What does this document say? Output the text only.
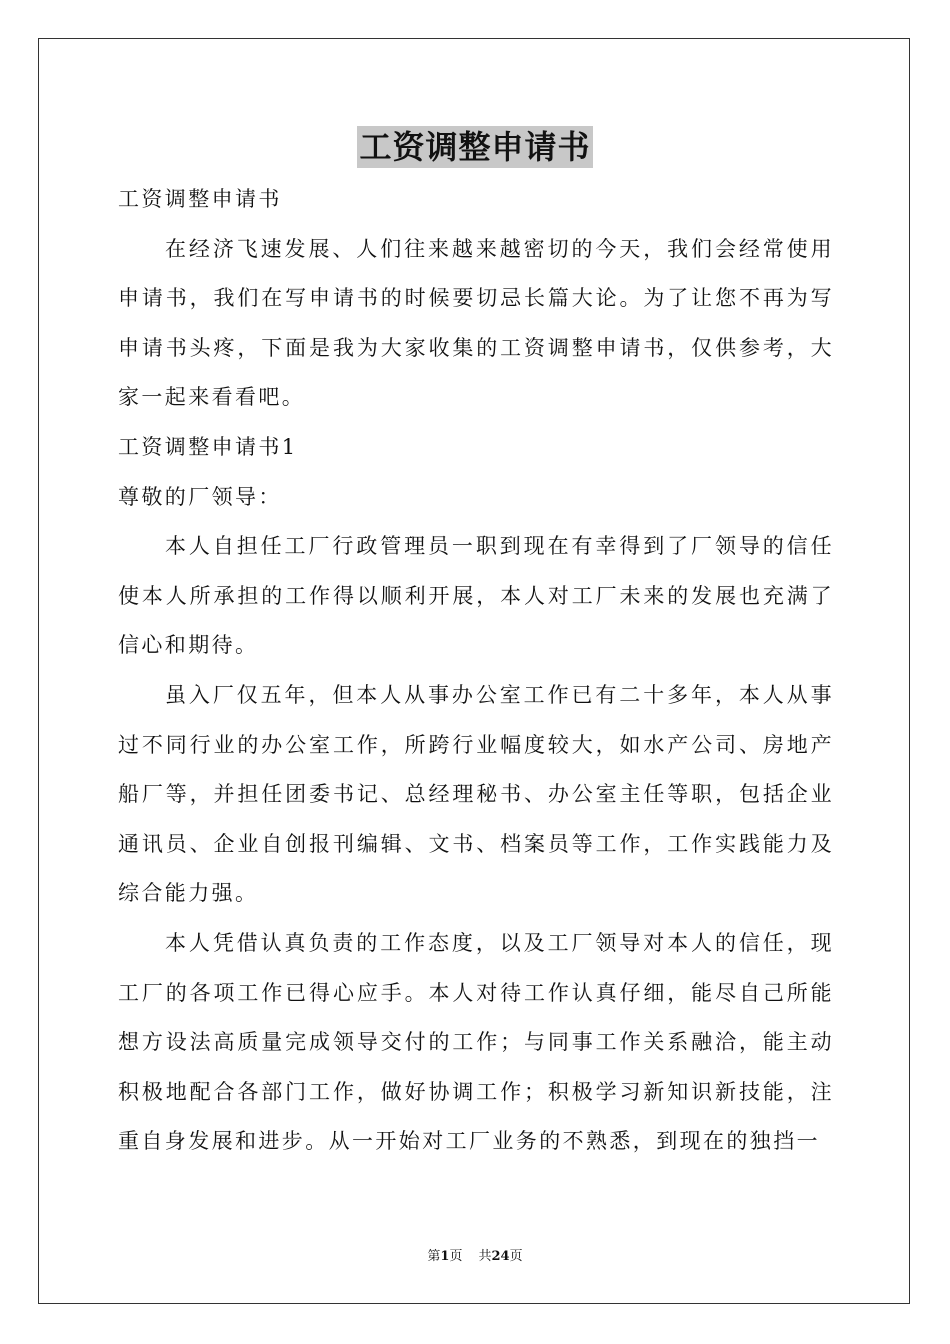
工资调整申请书

工资调整申请书

在经济飞速发展、人们往来越来越密切的今天，我们会经常使用申请书，我们在写申请书的时候要切忌长篇大论。为了让您不再为写申请书头疼，下面是我为大家收集的工资调整申请书，仅供参考，大家一起来看看吧。

工资调整申请书1

尊敬的厂领导：

本人自担任工厂行政管理员一职到现在有幸得到了厂领导的信任使本人所承担的工作得以顺利开展，本人对工厂未来的发展也充满了信心和期待。

虽入厂仅五年，但本人从事办公室工作已有二十多年，本人从事过不同行业的办公室工作，所跨行业幅度较大，如水产公司、房地产船厂等，并担任团委书记、总经理秘书、办公室主任等职，包括企业通讯员、企业自创报刊编辑、文书、档案员等工作，工作实践能力及综合能力强。

本人凭借认真负责的工作态度，以及工厂领导对本人的信任，现工厂的各项工作已得心应手。本人对待工作认真仔细，能尽自己所能想方设法高质量完成领导交付的工作；与同事工作关系融洽，能主动积极地配合各部门工作，做好协调工作；积极学习新知识新技能，注重自身发展和进步。从一开始对工厂业务的不熟悉，到现在的独挡一

第1页 共24页
